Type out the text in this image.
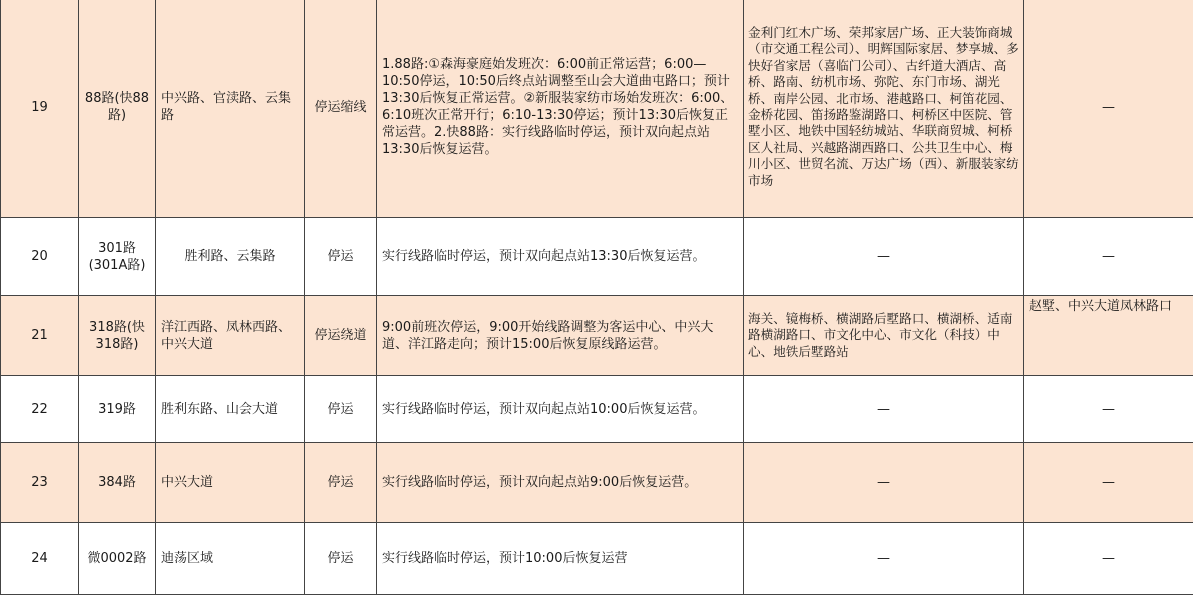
19	88路(快88路)	中兴路、官渎路、云集路	停运缩线	1.88路:①森海豪庭始发班次：6:00前正常运营；6:00—10:50停运，10:50后终点站调整至山会大道曲屯路口；预计13:30后恢复正常运营。②新服装家纺市场始发班次：6:00、6:10班次正常开行；6:10-13:30停运；预计13:30后恢复正常运营。2.快88路：实行线路临时停运，预计双向起点站13:30后恢复运营。	金利门红木广场、荣邦家居广场、正大装饰商城（市交通工程公司）、明辉国际家居、梦享城、多快好省家居（喜临门公司）、古纤道大酒店、高桥、路南、纺机市场、弥陀、东门市场、湖光桥、南岸公园、北市场、港越路口、柯笛花园、金桥花园、笛扬路鉴湖路口、柯桥区中医院、管墅小区、地铁中国轻纺城站、华联商贸城、柯桥区人社局、兴越路湖西路口、公共卫生中心、梅川小区、世贸名流、万达广场（西）、新服装家纺市场	—
20	301路(301A路)	胜利路、云集路	停运	实行线路临时停运，预计双向起点站13:30后恢复运营。	—	—
21	318路(快318路)	洋江西路、凤林西路、中兴大道	停运绕道	9:00前班次停运，9:00开始线路调整为客运中心、中兴大道、洋江路走向；预计15:00后恢复原线路运营。	海关、镜梅桥、横湖路后墅路口、横湖桥、适南路横湖路口、市文化中心、市文化（科技）中心、地铁后墅路站	赵墅、中兴大道凤林路口
22	319路	胜利东路、山会大道	停运	实行线路临时停运，预计双向起点站10:00后恢复运营。	—	—
23	384路	中兴大道	停运	实行线路临时停运，预计双向起点站9:00后恢复运营。	—	—
24	微0002路	迪荡区域	停运	实行线路临时停运，预计10:00后恢复运营	—	—
